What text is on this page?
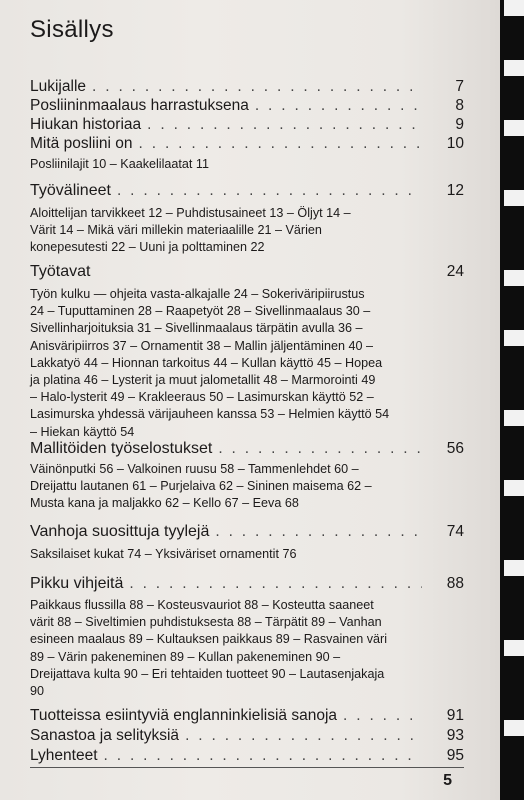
Sisällys
Lukijalle . . .	7
Posliininmaalaus harrastuksena . . .	8
Hiukan historiaa . . .	9
Mitä posliini on . . .	10
Posliinilajit 10 – Kaakelilaatat 11
Työvälineet . . .	12
Aloittelijan tarvikkeet 12 – Puhdistusaineet 13 – Öljyt 14 –
Värit 14 – Mikä väri millekin materiaalille 21 – Värien
konepesutesti 22 – Uuni ja polttaminen 22
Työtavat	24
Työn kulku — ohjeita vasta-alkajalle 24 – Sokeriväripiirustus
24 – Tuputtaminen 28 – Raapetyöt 28 – Sivellinmaalaus 30 –
Sivellinharjoituksia 31 – Sivellinmaalaus tärpätin avulla 36 –
Anisväripiirros 37 – Ornamentit 38 – Mallin jäljentäminen 40 –
Lakkatyö 44 – Hionnan tarkoitus 44 – Kullan käyttö 45 – Hopea
ja platina 46 – Lysterit ja muut jalometallit 48 – Marmorointi 49
– Halo-lysterit 49 – Krakleeraus 50 – Lasimurskan käyttö 52 –
Lasimurska yhdessä värijauheen kanssa 53 – Helmien käyttö 54
– Hiekan käyttö 54
Mallitöiden työselostukset . . .	56
Väinönputki 56 – Valkoinen ruusu 58 – Tammenlehdet 60 –
Dreijattu lautanen 61 – Purjelaiva 62 – Sininen maisema 62 –
Musta kana ja maljakko 62 – Kello 67 – Eeva 68
Vanhoja suosittuja tyylejä . . .	74
Saksilaiset kukat 74 – Yksiväriset ornamentit 76
Pikku vihjeitä . . .	88
Paikkaus flussilla 88 – Kosteusvauriot 88 – Kosteutta saaneet
värit 88 – Siveltimien puhdistuksesta 88 – Tärpätit 89 – Vanhan
esineen maalaus 89 – Kultauksen paikkaus 89 – Rasvainen väri
89 – Värin pakeneminen 89 – Kullan pakeneminen 90 –
Dreijattava kulta 90 – Eri tehtaiden tuotteet 90 – Lautasenjakaja
90
Tuotteissa esiintyviä englanninkielisiä sanoja . . .	91
Sanastoa ja selityksiä . . .	93
Lyhenteet . . .	95
5
